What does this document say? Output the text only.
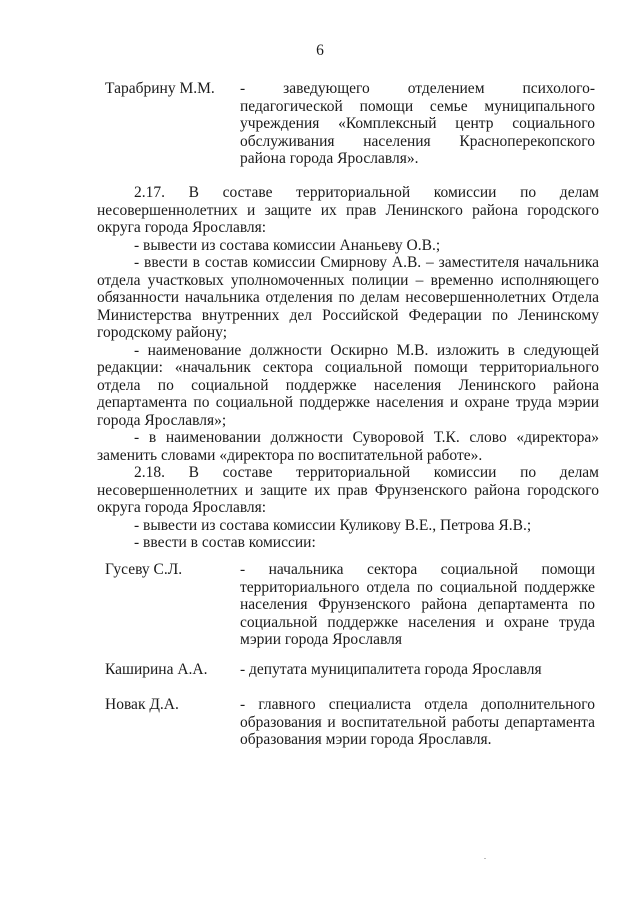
6
Тарабрину М.М. - заведующего отделением психолого-педагогической помощи семье муниципального учреждения «Комплексный центр социального обслуживания населения Красноперекопского района города Ярославля».

2.17. В составе территориальной комиссии по делам несовершеннолетних и защите их прав Ленинского района городского округа города Ярославля:

- вывести из состава комиссии Ананьеву О.В.;

- ввести в состав комиссии Смирнову А.В. – заместителя начальника отдела участковых уполномоченных полиции – временно исполняющего обязанности начальника отделения по делам несовершеннолетних Отдела Министерства внутренних дел Российской Федерации по Ленинскому городскому району;

- наименование должности Оскирно М.В. изложить в следующей редакции: «начальник сектора социальной помощи территориального отдела по социальной поддержке населения Ленинского района департамента по социальной поддержке населения и охране труда мэрии города Ярославля»;

- в наименовании должности Суворовой Т.К. слово «директора» заменить словами «директора по воспитательной работе».

2.18. В составе территориальной комиссии по делам несовершеннолетних и защите их прав Фрунзенского района городского округа города Ярославля:

- вывести из состава комиссии Куликову В.Е., Петрова Я.В.;

- ввести в состав комиссии:

Гусеву С.Л.	- начальника сектора социальной помощи территориального отдела по социальной поддержке населения Фрунзенского района департамента по социальной поддержке населения и охране труда мэрии города Ярославля
Каширина А.А. - депутата муниципалитета города Ярославля
Новак Д.А.	- главного специалиста отдела дополнительного образования и воспитательной работы департамента образования мэрии города Ярославля.
